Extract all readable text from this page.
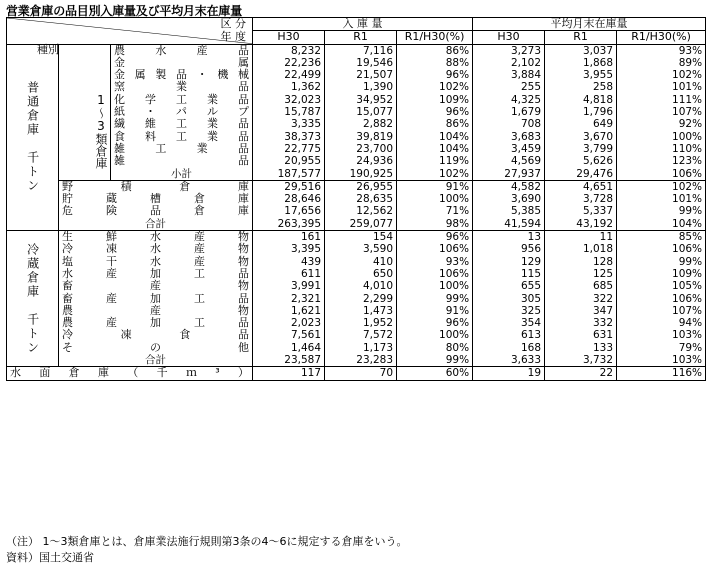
営業倉庫の品目別入庫量及び平均月末在庫量
区 分
年 度
種別			入 庫 量			平均月末在庫量		
			H30	R1	R1/H30(%)	H30	R1	R1/H30(%)

普通倉庫　千トン	1〜3類倉庫	農水産品	8,232	7,116	86%	3,273	3,037	93%

		金属	22,236	19,546	88%	2,102	1,868	89%

		金属製品・機械	22,499	21,507	96%	3,884	3,955	102%

		窯業品	1,362	1,390	102%	255	258	101%

		化学工業品	32,023	34,952	109%	4,325	4,818	111%

		紙・パルプ	15,787	15,077	96%	1,679	1,796	107%

		繊維工業品	3,335	2,882	86%	708	649	92%

		食料工業品	38,373	39,819	104%	3,683	3,670	100%

		雑工業品	22,775	23,700	104%	3,459	3,799	110%

		雑品	20,955	24,936	119%	4,569	5,626	123%

		小計	187,577	190,925	102%	27,937	29,476	106%

	野積倉庫		29,516	26,955	91%	4,582	4,651	102%

	貯蔵槽倉庫		28,646	28,635	100%	3,690	3,728	101%

	危険品倉庫		17,656	12,562	71%	5,385	5,337	99%

	合計		263,395	259,077	98%	41,594	43,192	104%
冷蔵倉庫　千トン	生鮮水産物		161	154	96%	13	11	85%

	冷凍水産物		3,395	3,590	106%	956	1,018	106%

	塩干水産物		439	410	93%	129	128	99%

	水産加工品		611	650	106%	115	125	109%

	畜産物		3,991	4,010	100%	655	685	105%

	畜産加工品		2,321	2,299	99%	305	322	106%

	農産物		1,621	1,473	91%	325	347	107%

	農産加工品		2,023	1,952	96%	354	332	94%

	冷凍食品		7,561	7,572	100%	613	631	103%

	その他		1,464	1,173	80%	168	133	79%

	合計		23,587	23,283	99%	3,633	3,732	103%

水面倉庫（千ｍ³）			117	70	60%	19	22	116%
（注） 1〜3類倉庫とは、倉庫業法施行規則第3条の4〜6に規定する倉庫をいう。
資料）国土交通省
